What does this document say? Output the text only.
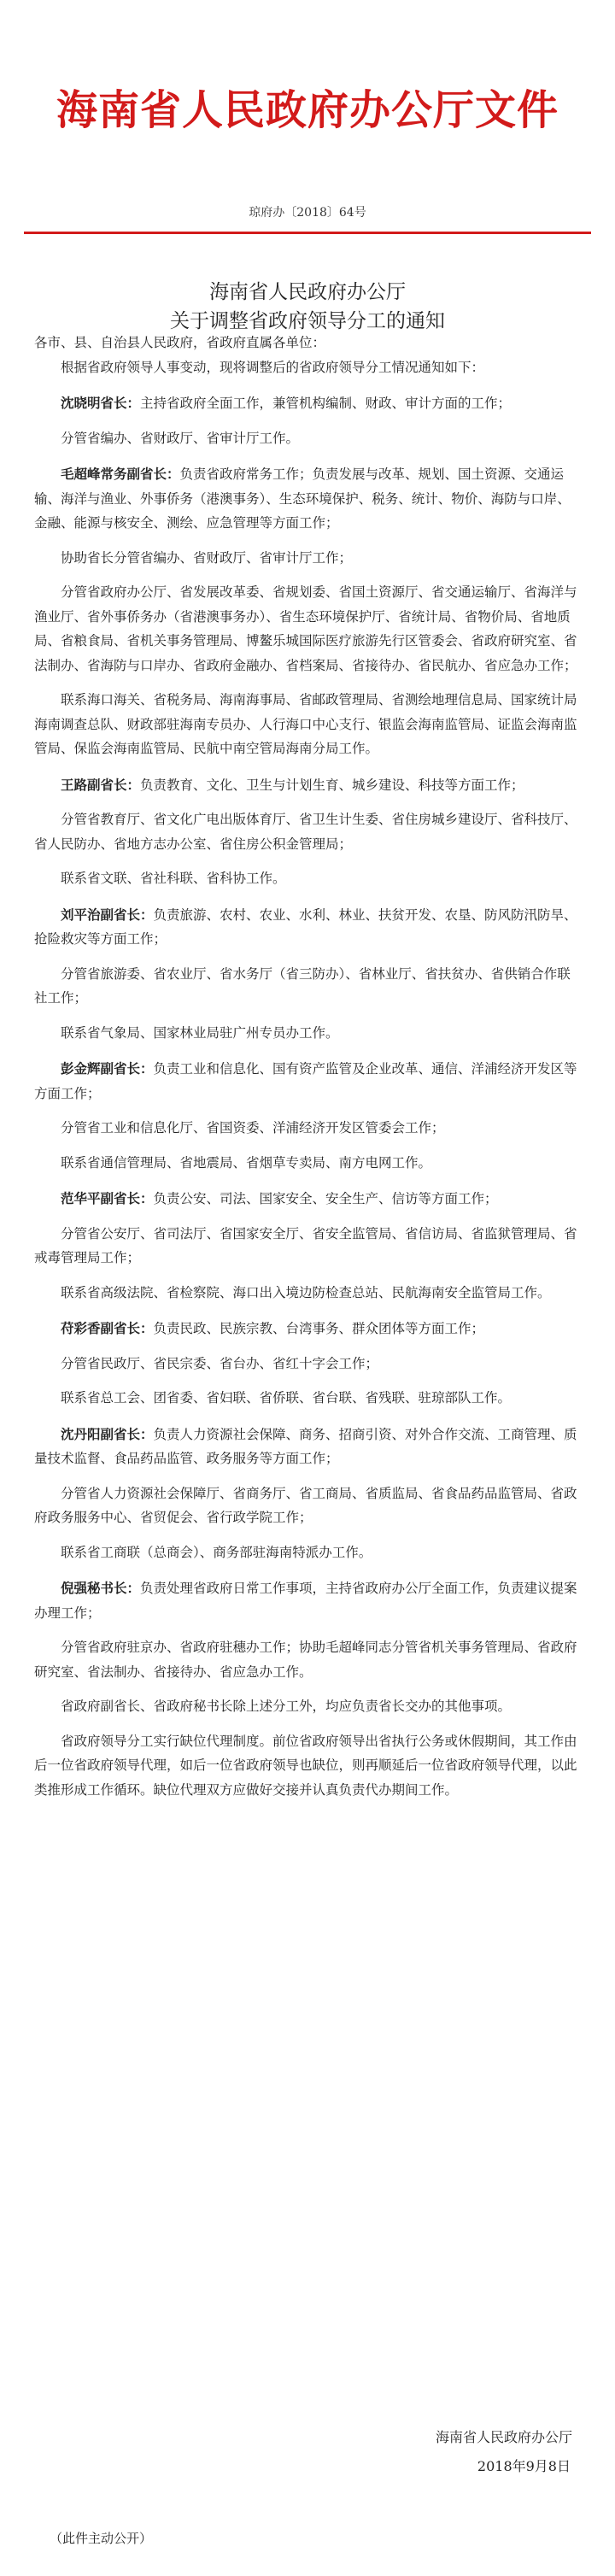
海南省人民政府办公厅文件
琼府办〔2018〕64号
海南省人民政府办公厅
关于调整省政府领导分工的通知

各市、县、自治县人民政府，省政府直属各单位：

根据省政府领导人事变动，现将调整后的省政府领导分工情况通知如下：

沈晓明省长：主持省政府全面工作，兼管机构编制、财政、审计方面的工作；

分管省编办、省财政厅、省审计厅工作。

毛超峰常务副省长：负责省政府常务工作；负责发展与改革、规划、国土资源、交通运输、海洋与渔业、外事侨务（港澳事务）、生态环境保护、税务、统计、物价、海防与口岸、金融、能源与核安全、测绘、应急管理等方面工作；

协助省长分管省编办、省财政厅、省审计厅工作；

分管省政府办公厅、省发展改革委、省规划委、省国土资源厅、省交通运输厅、省海洋与渔业厅、省外事侨务办（省港澳事务办）、省生态环境保护厅、省统计局、省物价局、省地质局、省粮食局、省机关事务管理局、博鳌乐城国际医疗旅游先行区管委会、省政府研究室、省法制办、省海防与口岸办、省政府金融办、省档案局、省接待办、省民航办、省应急办工作；

联系海口海关、省税务局、海南海事局、省邮政管理局、省测绘地理信息局、国家统计局海南调查总队、财政部驻海南专员办、人行海口中心支行、银监会海南监管局、证监会海南监管局、保监会海南监管局、民航中南空管局海南分局工作。

王路副省长：负责教育、文化、卫生与计划生育、城乡建设、科技等方面工作；

分管省教育厅、省文化广电出版体育厅、省卫生计生委、省住房城乡建设厅、省科技厅、省人民防办、省地方志办公室、省住房公积金管理局；

联系省文联、省社科联、省科协工作。

刘平治副省长：负责旅游、农村、农业、水利、林业、扶贫开发、农垦、防风防汛防旱、抢险救灾等方面工作；

分管省旅游委、省农业厅、省水务厅（省三防办）、省林业厅、省扶贫办、省供销合作联社工作；

联系省气象局、国家林业局驻广州专员办工作。

彭金辉副省长：负责工业和信息化、国有资产监管及企业改革、通信、洋浦经济开发区等方面工作；

分管省工业和信息化厅、省国资委、洋浦经济开发区管委会工作；

联系省通信管理局、省地震局、省烟草专卖局、南方电网工作。

范华平副省长：负责公安、司法、国家安全、安全生产、信访等方面工作；

分管省公安厅、省司法厅、省国家安全厅、省安全监管局、省信访局、省监狱管理局、省戒毒管理局工作；

联系省高级法院、省检察院、海口出入境边防检查总站、民航海南安全监管局工作。

苻彩香副省长：负责民政、民族宗教、台湾事务、群众团体等方面工作；

分管省民政厅、省民宗委、省台办、省红十字会工作；

联系省总工会、团省委、省妇联、省侨联、省台联、省残联、驻琼部队工作。

沈丹阳副省长：负责人力资源社会保障、商务、招商引资、对外合作交流、工商管理、质量技术监督、食品药品监管、政务服务等方面工作；

分管省人力资源社会保障厅、省商务厅、省工商局、省质监局、省食品药品监管局、省政府政务服务中心、省贸促会、省行政学院工作；

联系省工商联（总商会）、商务部驻海南特派办工作。

倪强秘书长：负责处理省政府日常工作事项，主持省政府办公厅全面工作，负责建议提案办理工作；

分管省政府驻京办、省政府驻穗办工作；协助毛超峰同志分管省机关事务管理局、省政府研究室、省法制办、省接待办、省应急办工作。

省政府副省长、省政府秘书长除上述分工外，均应负责省长交办的其他事项。

省政府领导分工实行缺位代理制度。前位省政府领导出省执行公务或休假期间，其工作由后一位省政府领导代理，如后一位省政府领导也缺位，则再顺延后一位省政府领导代理，以此类推形成工作循环。缺位代理双方应做好交接并认真负责代办期间工作。

海南省人民政府办公厅
2018年9月8日
（此件主动公开）
